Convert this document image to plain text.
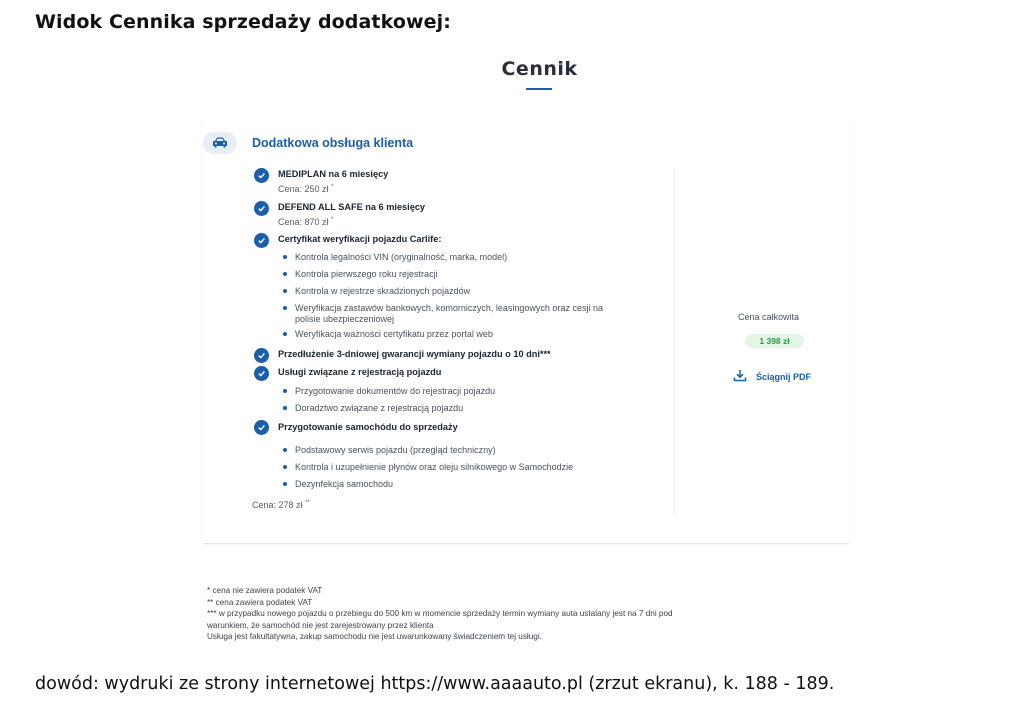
Widok Cennika sprzedaży dodatkowej:
Cennik
Dodatkowa obsługa klienta
MEDIPLAN na 6 miesięcy
Cena: 250 zł *
DEFEND ALL SAFE na 6 miesięcy
Cena: 870 zł *
Certyfikat weryfikacji pojazdu Carlife:
Kontrola legalności VIN (oryginalność, marka, model)
Kontrola pierwszego roku rejestracji
Kontrola w rejestrze skradzionych pojazdów
Weryfikacja zastawów bankowych, komorniczych, leasingowych oraz cesji na
polisie ubezpieczeniowej
Weryfikacja ważności certyfikatu przez portal web
Przedłużenie 3-dniowej gwarancji wymiany pojazdu o 10 dni***
Usługi związane z rejestracją pojazdu
Przygotowanie dokumentów do rejestracji pojazdu
Doradztwo związane z rejestracją pojazdu
Przygotowanie samochódu do sprzedaży
Podstawowy serwis pojazdu (przegląd techniczny)
Kontrola i uzupełnienie płynów oraz oleju silnikowego w Samochodzie
Dezynfekcja samochodu
Cena: 278 zł **
Cena całkowita
1 398 zł
Ściągnij PDF
* cena nie zawiera podatek VAT
** cena zawiera podatek VAT
*** w przypadku nowego pojazdu o przebiegu do 500 km w momencie sprzedaży termin wymiany auta ustalany jest na 7 dni pod
warunkiem, że samochód nie jest zarejestrowany przez klienta
Usługa jest fakultatywna, zakup samochodu nie jest uwarunkowany świadczeniem tej usługi.
dowód: wydruki ze strony internetowej https://www.aaaauto.pl (zrzut ekranu), k. 188 - 189.
